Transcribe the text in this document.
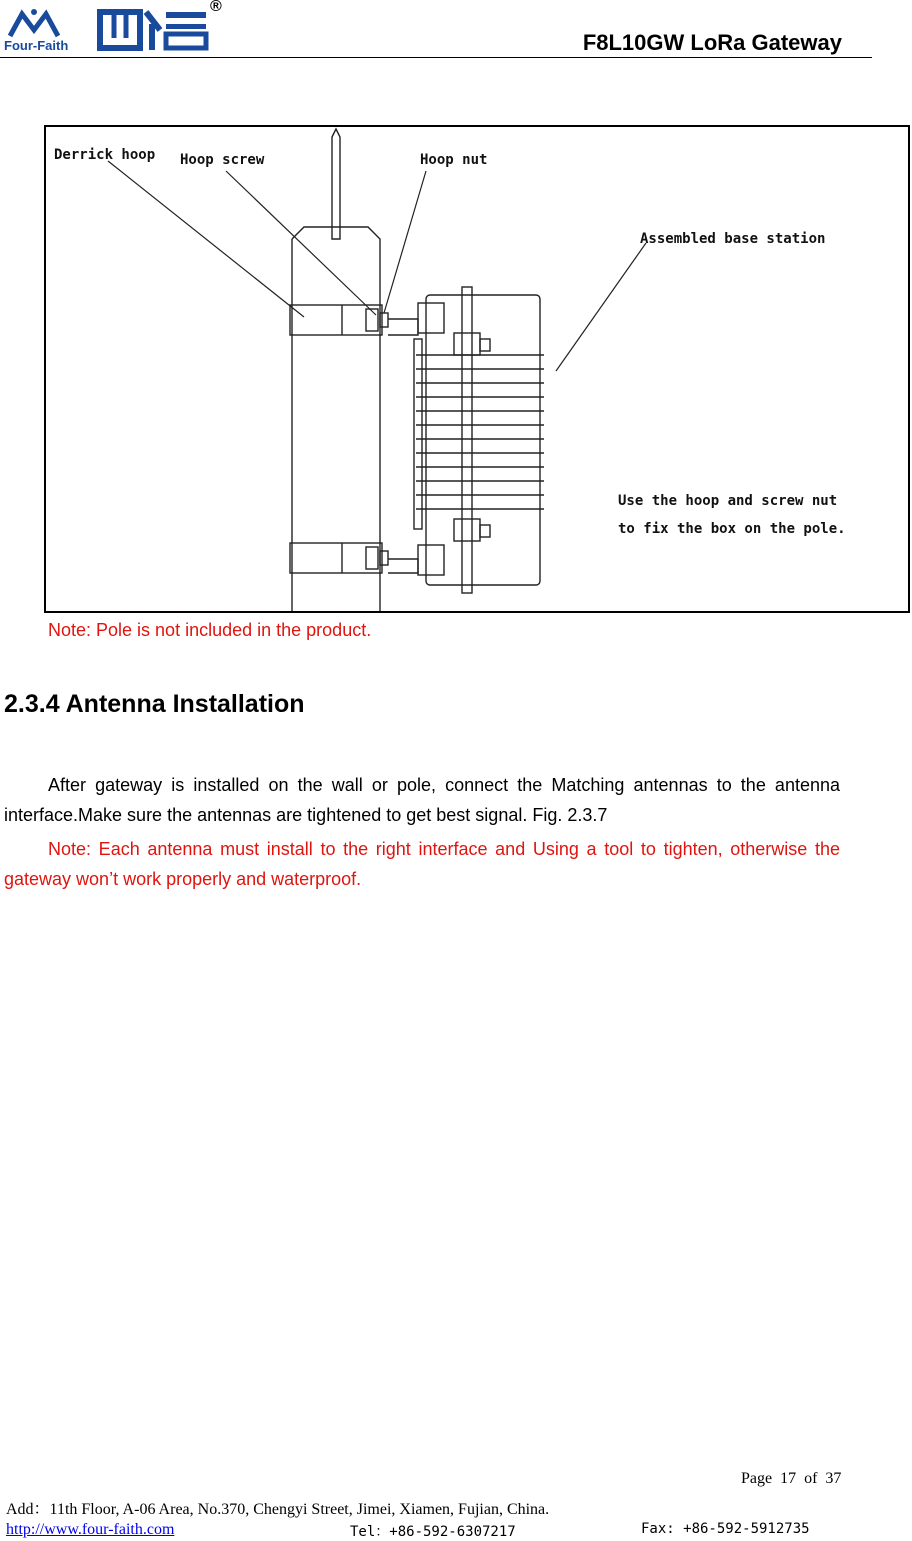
Four-Faith
®
F8L10GW LoRa Gateway
Derrick hoop Hoop screw	Hoop nut
Assembled base station
Use the hoop and screw nut
to fix the box on the pole.
Note: Pole is not included in the product.
2.3.4 Antenna Installation
After gateway is installed on the wall or pole, connect the Matching antennas to the antenna interface.Make sure the antennas are tightened to get best signal. Fig. 2.3.7
Note: Each antenna must install to the right interface and Using a tool to tighten, otherwise the gateway won’t work properly and waterproof.
Page  17  of  37
Add：11th Floor, A-06 Area, No.370, Chengyi Street, Jimei, Xiamen, Fujian, China.
http://www.four-faith.com	Tel：+86-592-6307217	Fax: +86-592-5912735
